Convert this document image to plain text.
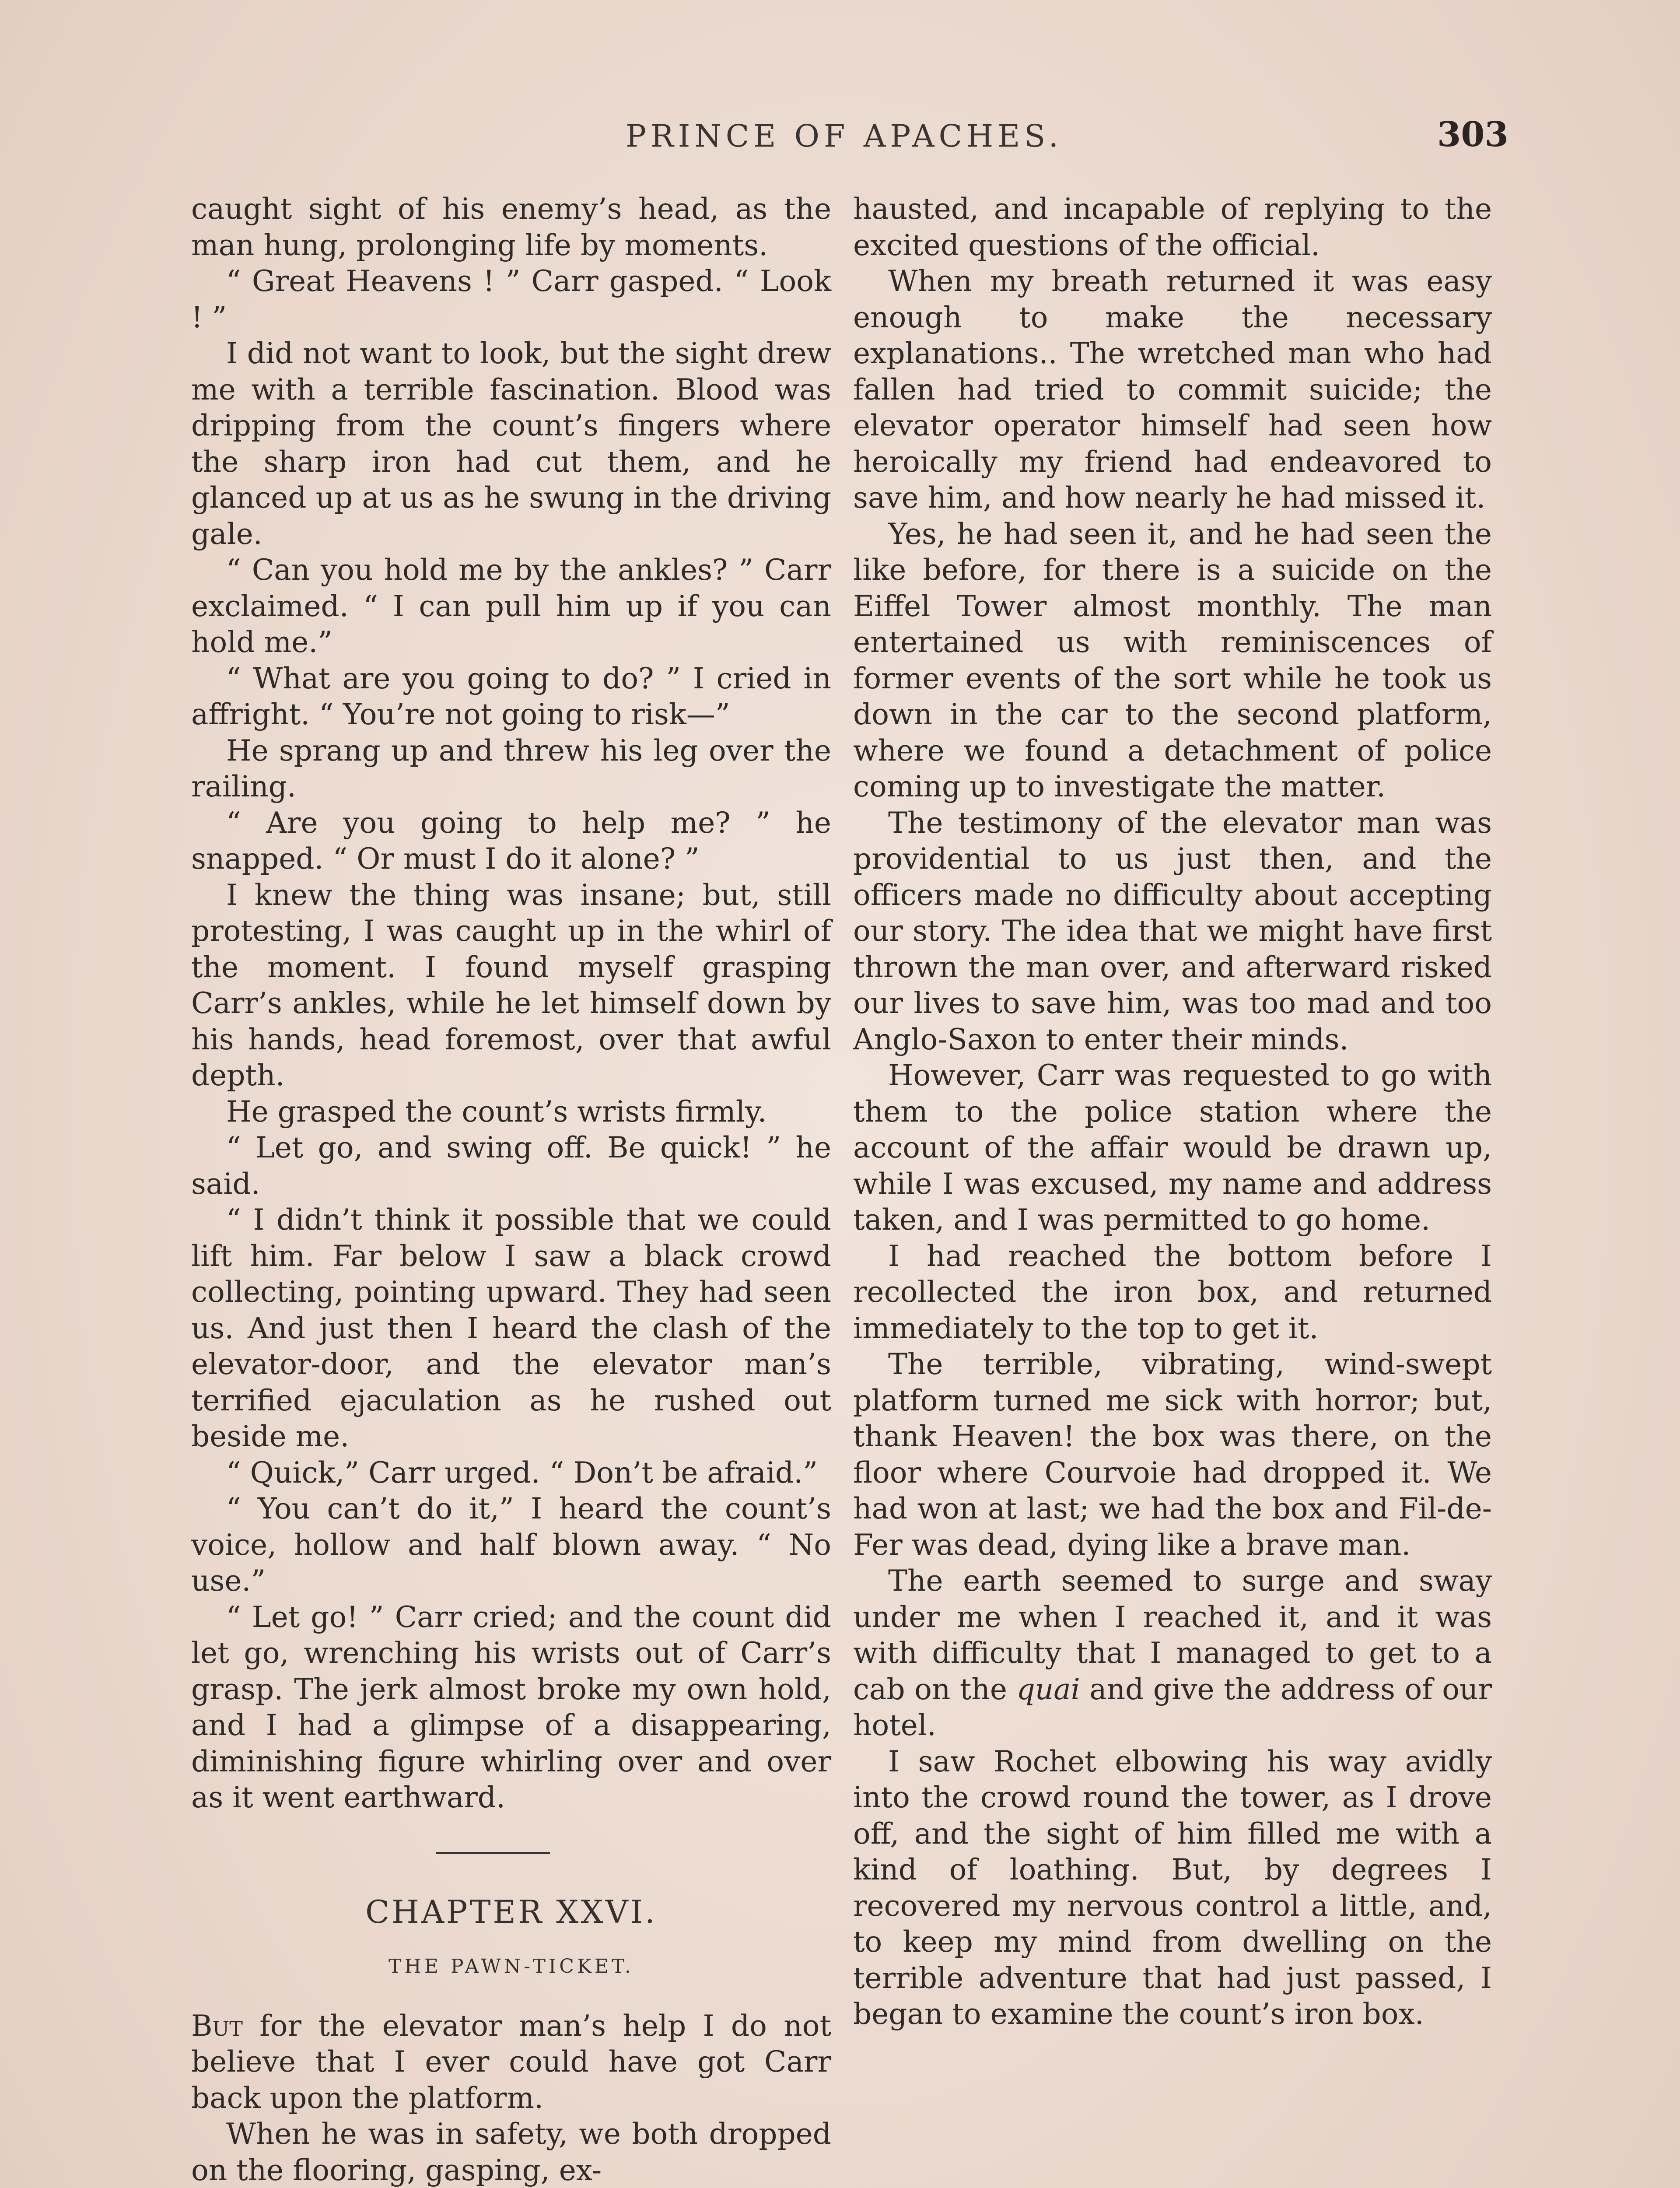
PRINCE OF APACHES.	303

caught sight of his enemy’s head, as the man hung, prolonging life by moments.

“ Great Heavens ! ” Carr gasped. “ Look ! ”

I did not want to look, but the sight drew me with a terrible fascination. Blood was dripping from the count’s fingers where the sharp iron had cut them, and he glanced up at us as he swung in the driving gale.

“ Can you hold me by the ankles? ” Carr exclaimed. “ I can pull him up if you can hold me.”

“ What are you going to do? ” I cried in affright. “ You’re not going to risk—”

He sprang up and threw his leg over the railing.

“ Are you going to help me? ” he snapped. “ Or must I do it alone? ”

I knew the thing was insane; but, still protesting, I was caught up in the whirl of the moment. I found myself grasping Carr’s ankles, while he let himself down by his hands, head foremost, over that awful depth.

He grasped the count’s wrists firmly.

“ Let go, and swing off. Be quick! ” he said.

“ I didn’t think it possible that we could lift him. Far below I saw a black crowd collecting, pointing upward. They had seen us. And just then I heard the clash of the elevator-door, and the elevator man’s terrified ejaculation as he rushed out beside me.

“ Quick,” Carr urged. “ Don’t be afraid.”

“ You can’t do it,” I heard the count’s voice, hollow and half blown away. “ No use.”

“ Let go! ” Carr cried; and the count did let go, wrenching his wrists out of Carr’s grasp. The jerk almost broke my own hold, and I had a glimpse of a disappearing, diminishing figure whirling over and over as it went earthward.

CHAPTER XXVI.
THE PAWN-TICKET.

But for the elevator man’s help I do not believe that I ever could have got Carr back upon the platform.

When he was in safety, we both dropped on the flooring, gasping, ex-

hausted, and incapable of replying to the excited questions of the official.

When my breath returned it was easy enough to make the necessary explanations.. The wretched man who had fallen had tried to commit suicide; the elevator operator himself had seen how heroically my friend had endeavored to save him, and how nearly he had missed it.

Yes, he had seen it, and he had seen the like before, for there is a suicide on the Eiffel Tower almost monthly. The man entertained us with reminiscences of former events of the sort while he took us down in the car to the second platform, where we found a detachment of police coming up to investigate the matter.

The testimony of the elevator man was providential to us just then, and the officers made no difficulty about accepting our story. The idea that we might have first thrown the man over, and afterward risked our lives to save him, was too mad and too Anglo-Saxon to enter their minds.

However, Carr was requested to go with them to the police station where the account of the affair would be drawn up, while I was excused, my name and address taken, and I was permitted to go home.

I had reached the bottom before I recollected the iron box, and returned immediately to the top to get it.

The terrible, vibrating, wind-swept platform turned me sick with horror; but, thank Heaven! the box was there, on the floor where Courvoie had dropped it. We had won at last; we had the box and Fil-de-Fer was dead, dying like a brave man.

The earth seemed to surge and sway under me when I reached it, and it was with difficulty that I managed to get to a cab on the quai and give the address of our hotel.

I saw Rochet elbowing his way avidly into the crowd round the tower, as I drove off, and the sight of him filled me with a kind of loathing. But, by degrees I recovered my nervous control a little, and, to keep my mind from dwelling on the terrible adventure that had just passed, I began to examine the count’s iron box.
